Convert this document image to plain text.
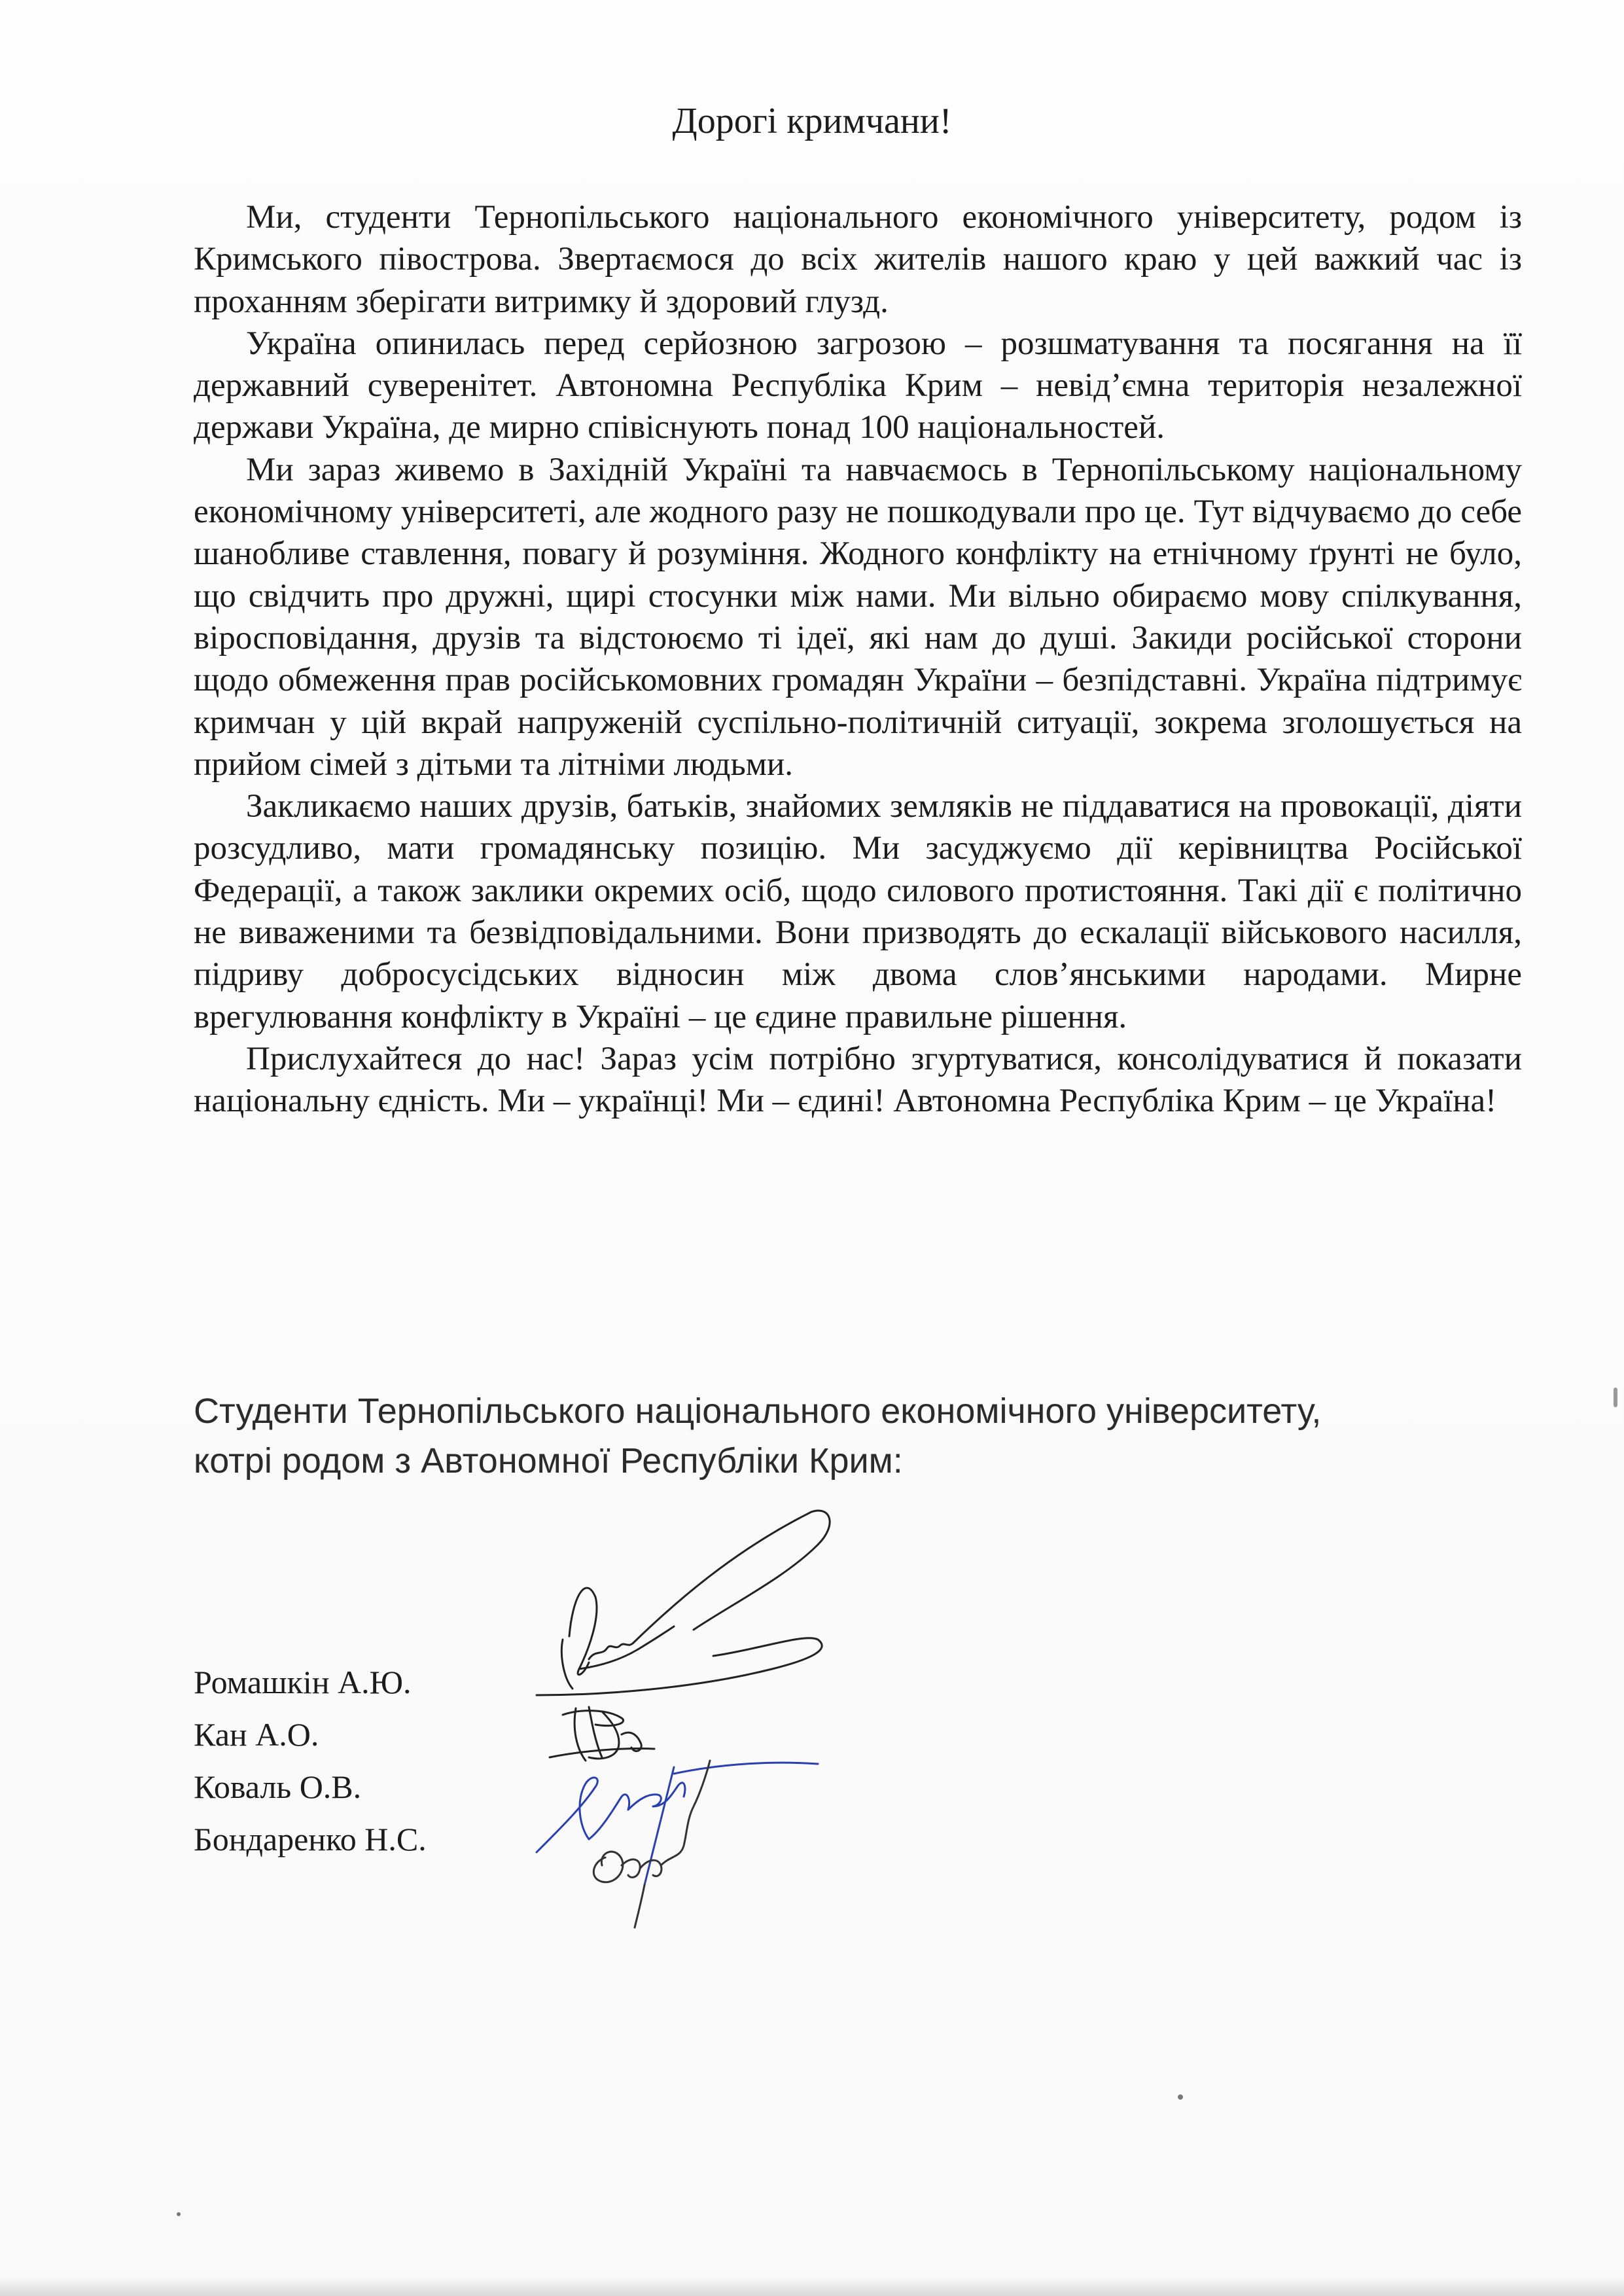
Дорогі кримчани!

Ми, студенти Тернопільського національного економічного університету, родом із Кримського півострова. Звертаємося до всіх жителів нашого краю у цей важкий час із проханням зберігати витримку й здоровий глузд.

Україна опинилась перед серйозною загрозою – розшматування та посягання на її державний суверенітет. Автономна Республіка Крим – невід’ємна територія незалежної держави Україна, де мирно співіснують понад 100 національностей.

Ми зараз живемо в Західній Україні та навчаємось в Тернопільському національному економічному університеті, але жодного разу не пошкодували про це. Тут відчуваємо до себе шанобливе ставлення, повагу й розуміння. Жодного конфлікту на етнічному ґрунті не було, що свідчить про дружні, щирі стосунки між нами. Ми вільно обираємо мову спілкування, віросповідання, друзів та відстоюємо ті ідеї, які нам до душі. Закиди російської сторони щодо обмеження прав російськомовних громадян України – безпідставні. Україна підтримує кримчан у цій вкрай напруженій суспільно-політичній ситуації, зокрема зголошується на прийом сімей з дітьми та літніми людьми.

Закликаємо наших друзів, батьків, знайомих земляків не піддаватися на провокації, діяти розсудливо, мати громадянську позицію. Ми засуджуємо дії керівництва Російської Федерації, а також заклики окремих осіб, щодо силового протистояння. Такі дії є політично не виваженими та безвідповідальними. Вони призводять до ескалації військового насилля, підриву добросусідських відносин між двома слов’янськими народами. Мирне врегулювання конфлікту в Україні – це єдине правильне рішення.

Прислухайтеся до нас! Зараз усім потрібно згуртуватися, консолідуватися й показати національну єдність. Ми – українці! Ми – єдині! Автономна Республіка Крим – це Україна!

Студенти Тернопільського національного економічного університету,
котрі родом з Автономної Республіки Крим:
Ромашкін А.Ю.
Кан А.О.
Коваль О.В.
Бондаренко Н.С.
